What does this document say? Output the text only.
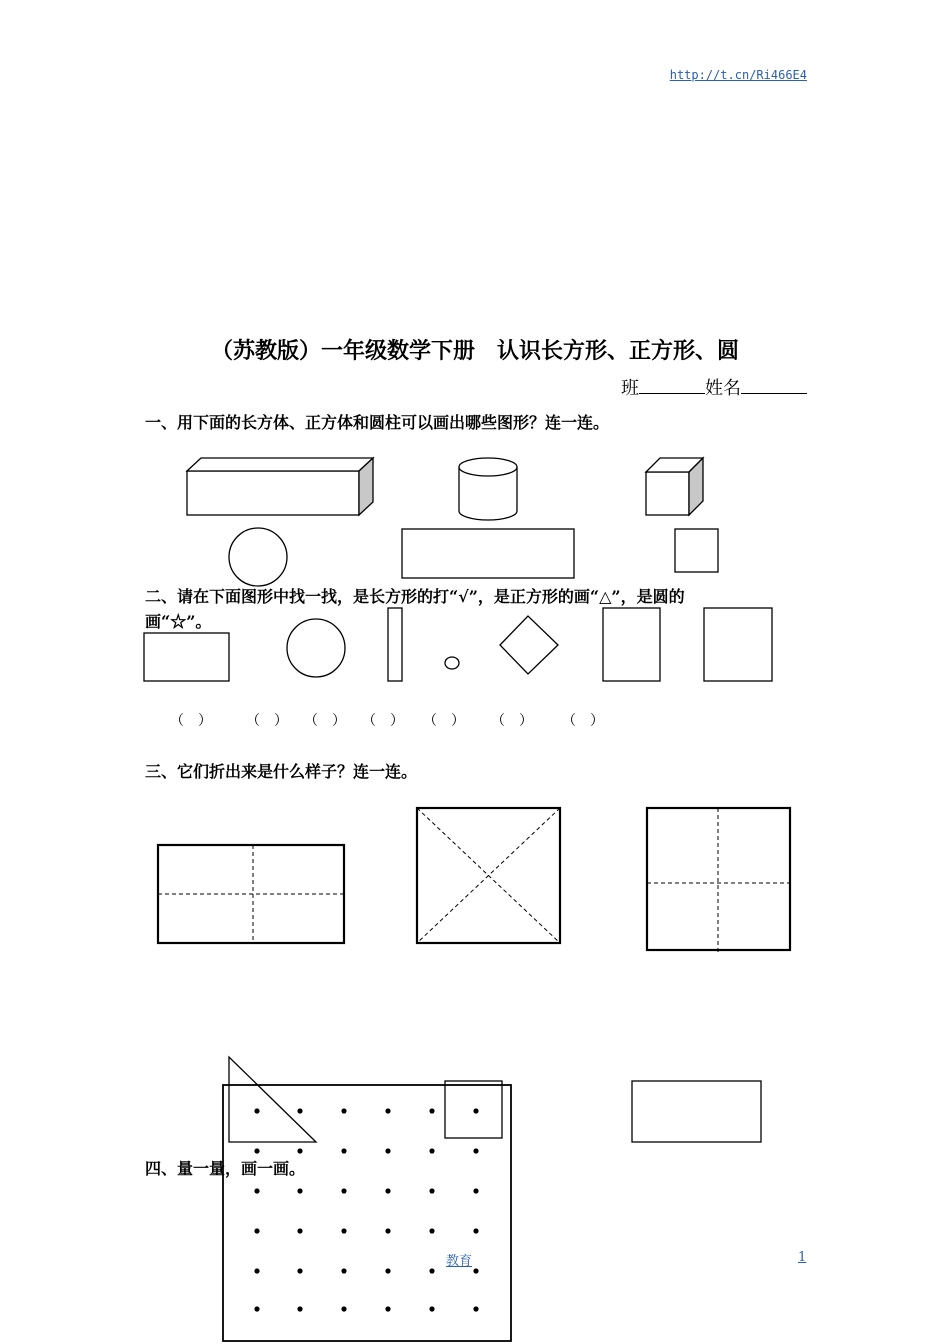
http://t.cn/Ri466E4
（苏教版）一年级数学下册　认识长方形、正方形、圆
班	姓名
一、用下面的长方体、正方体和圆柱可以画出哪些图形？连一连。
二、请在下面图形中找一找，是长方形的打“√”，是正方形的画“△”，是圆的
画“☆”。
三、它们折出来是什么样子？连一连。
（　） （　） （　） （　） （　） （　） （　）
四、量一量，画一画。
教育	1
